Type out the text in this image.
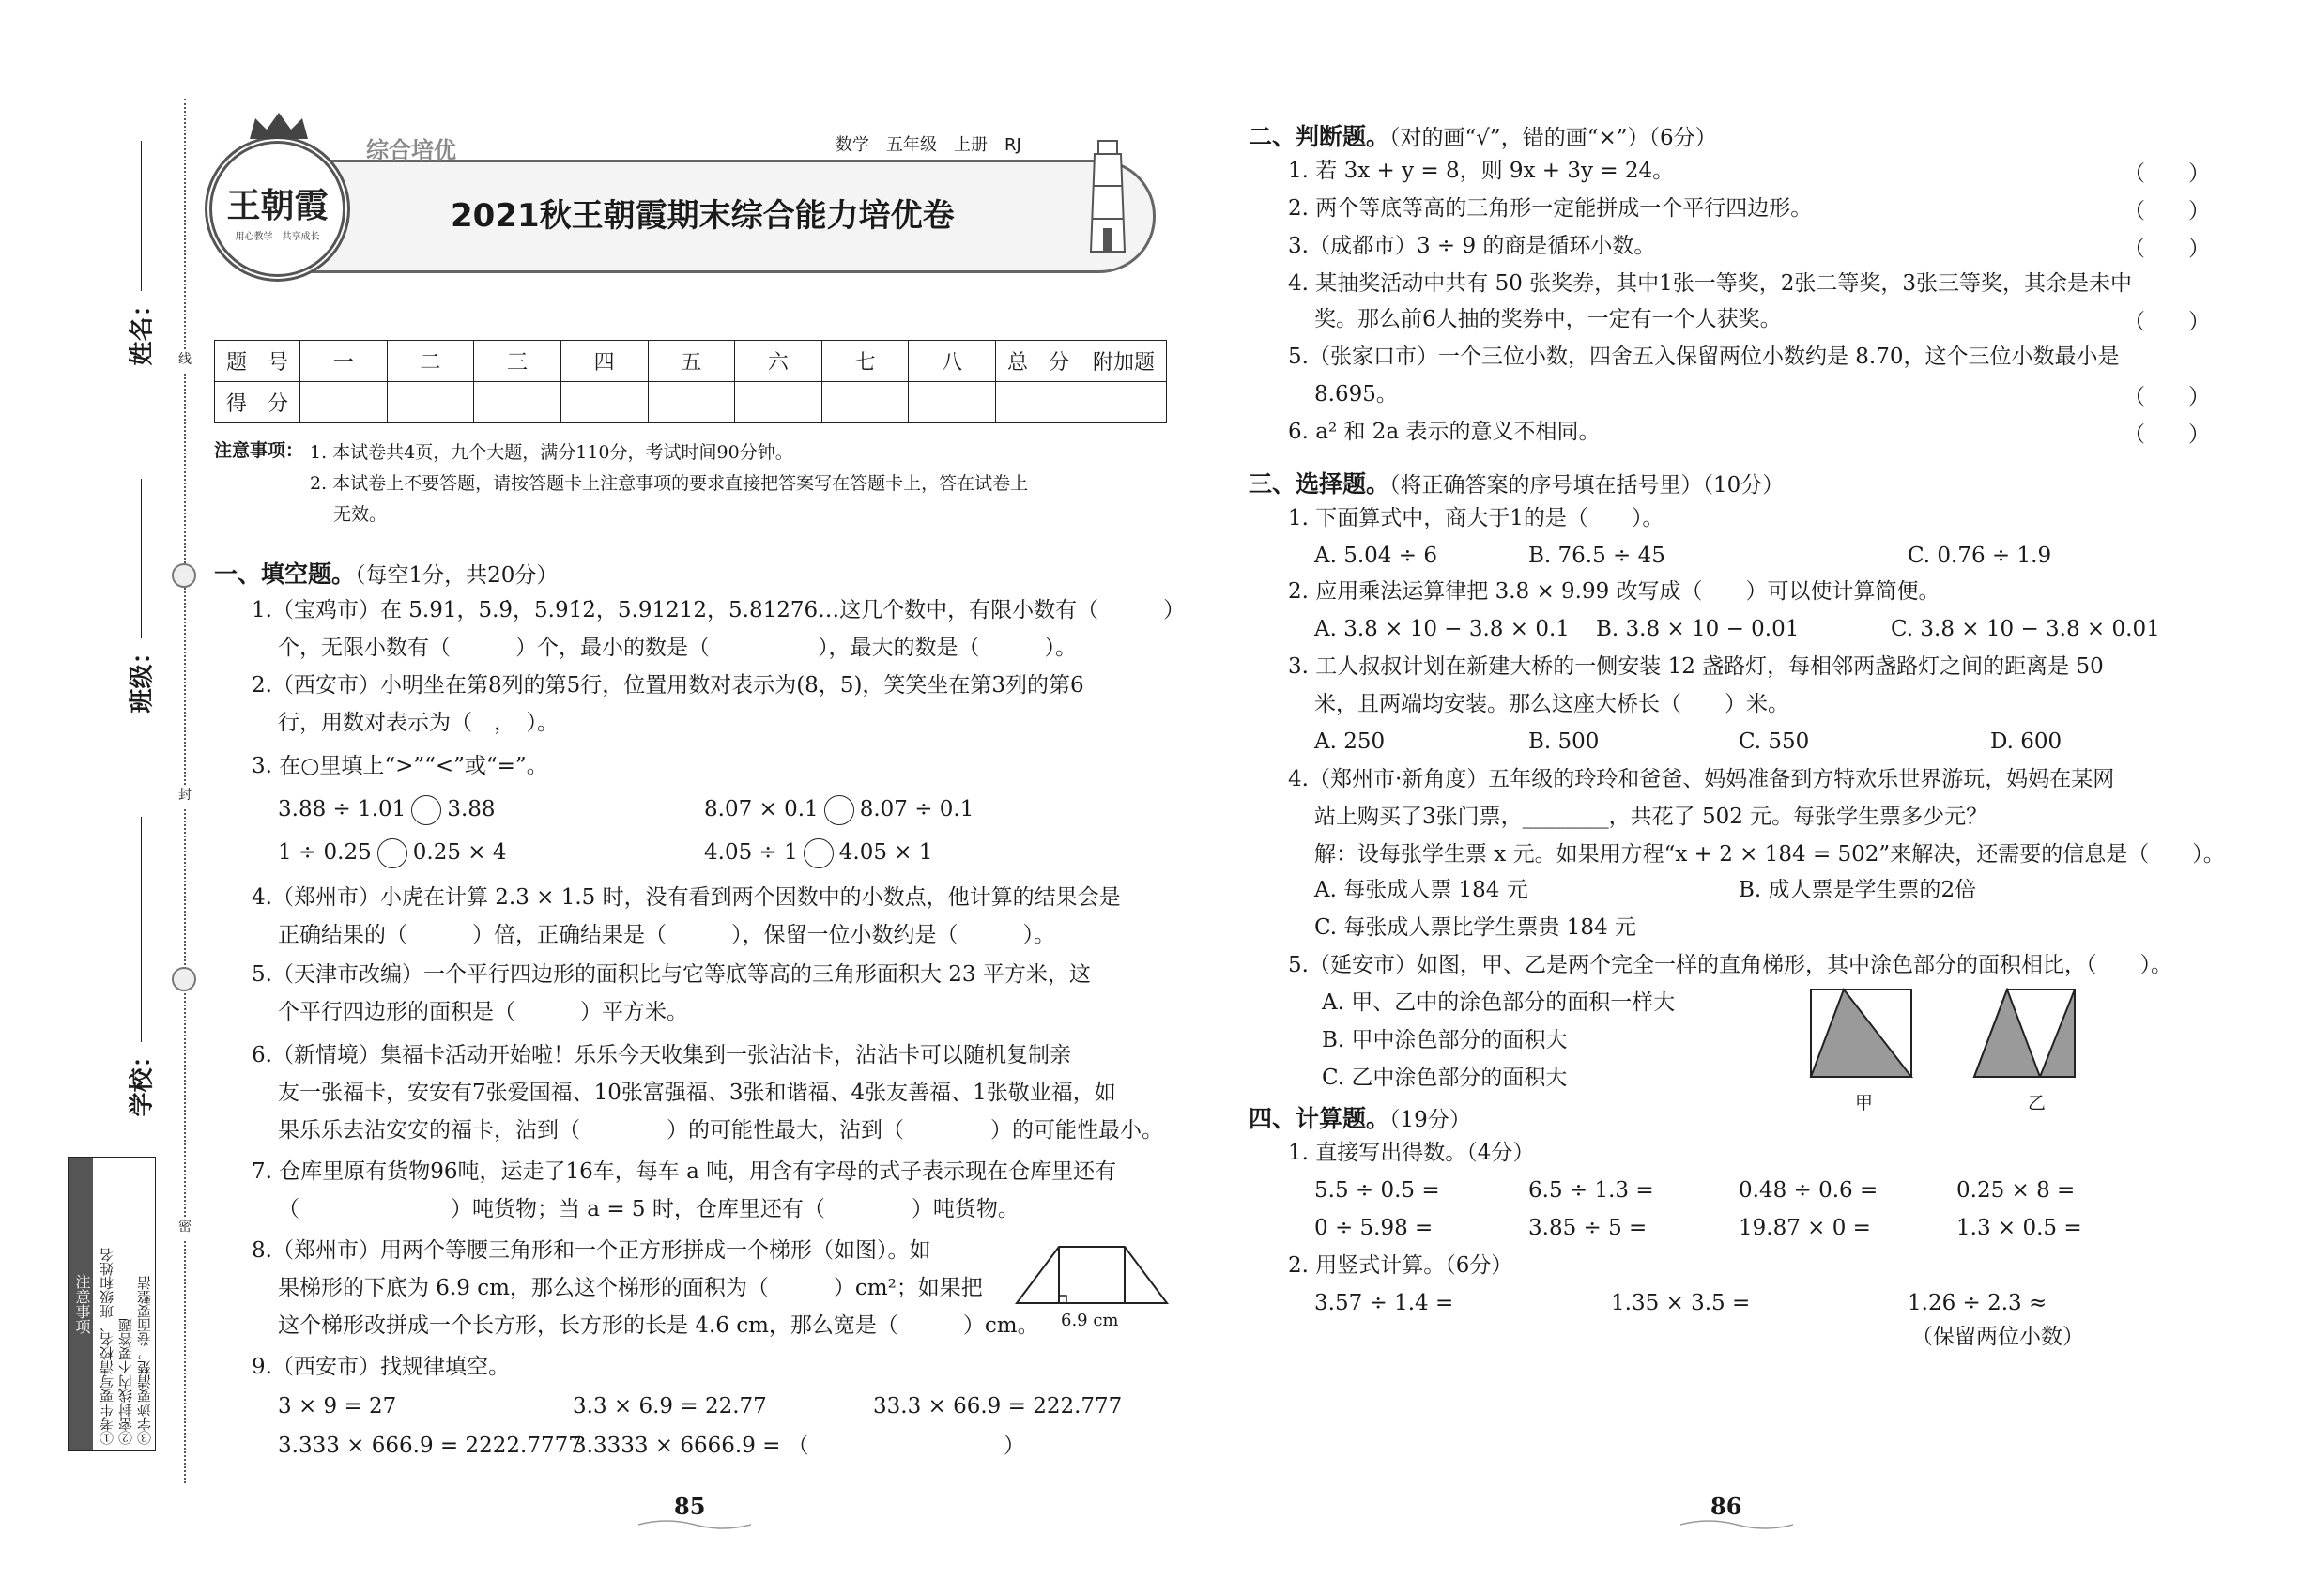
线
封
密
姓名：
班级：
学校：
注意事项 ①考生要写清校名、班级和姓名 ②密封线内不要答题 ③字迹要清楚，卷面要整洁
王朝霞
用心教学　共享成长
综合培优	数学　五年级　上册　RJ
2021秋王朝霞期末综合能力培优卷
题　号	一	二	三	四	五	六	七	八	总　分	附加题
得　分										
注意事项： 1. 本试卷共4页，九个大题，满分110分，考试时间90分钟。
2. 本试卷上不要答题，请按答题卡上注意事项的要求直接把答案写在答题卡上，答在试卷上
无效。
一、填空题。（每空1分，共20分）
1.（宝鸡市）在 5.91，5.9̇，5.91̇2̇，5.91212，5.81276…这几个数中，有限小数有（　　　）
个，无限小数有（　　　）个，最小的数是（　　　　　），最大的数是（　　　）。
2.（西安市）小明坐在第8列的第5行，位置用数对表示为(8，5)，笑笑坐在第3列的第6
行，用数对表示为（　，　）。
3. 在○里填上“>”“<”或“=”。
3.88 ÷ 1.01 3.88	8.07 × 0.1 8.07 ÷ 0.1
1 ÷ 0.25 0.25 × 4	4.05 ÷ 1 4.05 × 1
4.（郑州市）小虎在计算 2.3 × 1.5 时，没有看到两个因数中的小数点，他计算的结果会是
正确结果的（　　　）倍，正确结果是（　　　），保留一位小数约是（　　　）。
5.（天津市改编）一个平行四边形的面积比与它等底等高的三角形面积大 23 平方米，这
个平行四边形的面积是（　　　）平方米。
6.（新情境）集福卡活动开始啦！乐乐今天收集到一张沾沾卡，沾沾卡可以随机复制亲
友一张福卡，安安有7张爱国福、10张富强福、3张和谐福、4张友善福、1张敬业福，如
果乐乐去沾安安的福卡，沾到（　　　　）的可能性最大，沾到（　　　　）的可能性最小。
7. 仓库里原有货物96吨，运走了16车，每车 a 吨，用含有字母的式子表示现在仓库里还有
（　　　　　　　）吨货物；当 a = 5 时，仓库里还有（　　　　）吨货物。
8.（郑州市）用两个等腰三角形和一个正方形拼成一个梯形（如图）。如
果梯形的下底为 6.9 cm，那么这个梯形的面积为（　　　）cm²；如果把
这个梯形改拼成一个长方形，长方形的长是 4.6 cm，那么宽是（　　　）cm。 6.9 cm
9.（西安市）找规律填空。
3 × 9 = 27	3.3 × 6.9 = 22.77	33.3 × 66.9 = 222.777
3.333 × 666.9 = 2222.7777
3.3333 × 6666.9 = （　　　　　　　　　）
85
二、判断题。（对的画“√”，错的画“×”）（6分）
1. 若 3x + y = 8，则 9x + 3y = 24。	（　　）
2. 两个等底等高的三角形一定能拼成一个平行四边形。	（　　）
3.（成都市）3 ÷ 9 的商是循环小数。	（　　）
4. 某抽奖活动中共有 50 张奖券，其中1张一等奖，2张二等奖，3张三等奖，其余是未中
奖。那么前6人抽的奖券中，一定有一个人获奖。	（　　）
5.（张家口市）一个三位小数，四舍五入保留两位小数约是 8.70，这个三位小数最小是
8.695。	（　　）
6. a² 和 2a 表示的意义不相同。	（　　）
三、选择题。（将正确答案的序号填在括号里）（10分）
1. 下面算式中，商大于1的是（　　）。
A. 5.04 ÷ 6	B. 76.5 ÷ 45	C. 0.76 ÷ 1.9
2. 应用乘法运算律把 3.8 × 9.99 改写成（　　）可以使计算简便。
A. 3.8 × 10 − 3.8 × 0.1 B. 3.8 × 10 − 0.01	C. 3.8 × 10 − 3.8 × 0.01
3. 工人叔叔计划在新建大桥的一侧安装 12 盏路灯，每相邻两盏路灯之间的距离是 50
米，且两端均安装。那么这座大桥长（　　）米。
A. 250	B. 500	C. 550	D. 600
4.（郑州市·新角度）五年级的玲玲和爸爸、妈妈准备到方特欢乐世界游玩，妈妈在某网
站上购买了3张门票，________，共花了 502 元。每张学生票多少元？
解：设每张学生票 x 元。如果用方程“x + 2 × 184 = 502”来解决，还需要的信息是（　　）。
A. 每张成人票 184 元	B. 成人票是学生票的2倍
C. 每张成人票比学生票贵 184 元
5.（延安市）如图，甲、乙是两个完全一样的直角梯形，其中涂色部分的面积相比，（　　）。
A. 甲、乙中的涂色部分的面积一样大
B. 甲中涂色部分的面积大
C. 乙中涂色部分的面积大
甲	乙
四、计算题。（19分）
1. 直接写出得数。（4分）
5.5 ÷ 0.5 =	6.5 ÷ 1.3 =	0.48 ÷ 0.6 =	0.25 × 8 =
0 ÷ 5.98 =	3.85 ÷ 5 =	19.87 × 0 =	1.3 × 0.5 =
2. 用竖式计算。（6分）
3.57 ÷ 1.4 =	1.35 × 3.5 =	1.26 ÷ 2.3 ≈
（保留两位小数）
86
